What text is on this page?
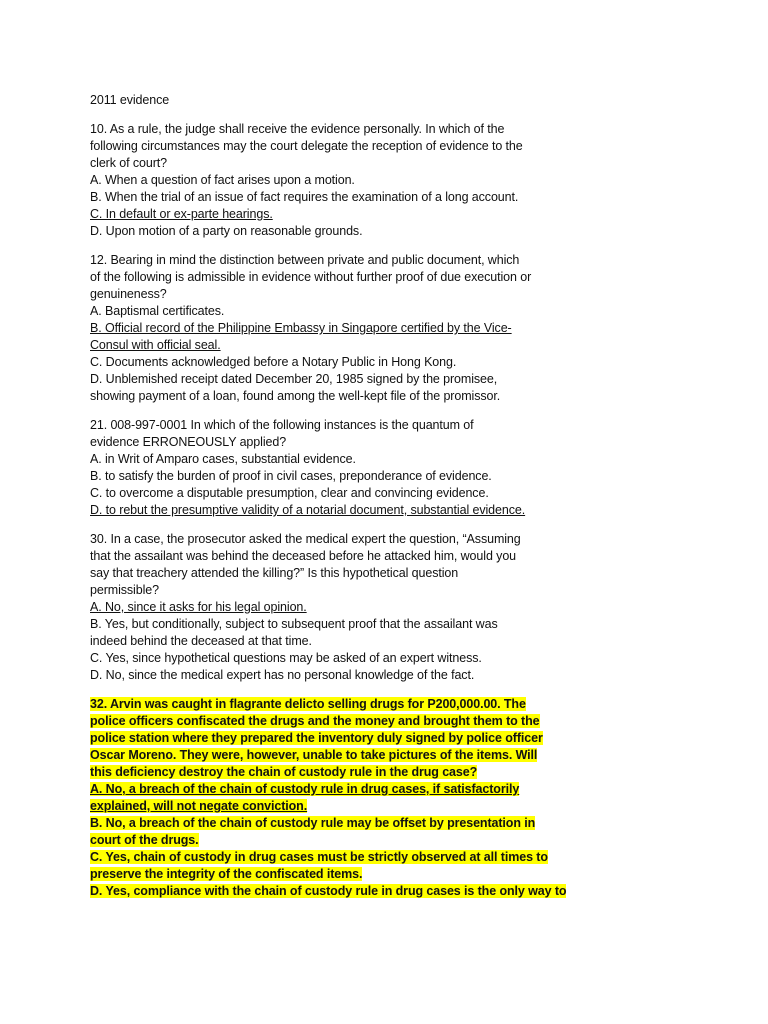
2011 evidence
10. As a rule, the judge shall receive the evidence personally. In which of the
following circumstances may the court delegate the reception of evidence to the
clerk of court?
A. When a question of fact arises upon a motion.
B. When the trial of an issue of fact requires the examination of a long account.
C. In default or ex-parte hearings.
D. Upon motion of a party on reasonable grounds.
12. Bearing in mind the distinction between private and public document, which
of the following is admissible in evidence without further proof of due execution or
genuineness?
A. Baptismal certificates.
B. Official record of the Philippine Embassy in Singapore certified by the Vice-
Consul with official seal.
C. Documents acknowledged before a Notary Public in Hong Kong.
D. Unblemished receipt dated December 20, 1985 signed by the promisee,
showing payment of a loan, found among the well-kept file of the promissor.
21. 008-997-0001 In which of the following instances is the quantum of
evidence ERRONEOUSLY applied?
A. in Writ of Amparo cases, substantial evidence.
B. to satisfy the burden of proof in civil cases, preponderance of evidence.
C. to overcome a disputable presumption, clear and convincing evidence.
D. to rebut the presumptive validity of a notarial document, substantial evidence.
30. In a case, the prosecutor asked the medical expert the question, “Assuming
that the assailant was behind the deceased before he attacked him, would you
say that treachery attended the killing?” Is this hypothetical question
permissible?
A. No, since it asks for his legal opinion.
B. Yes, but conditionally, subject to subsequent proof that the assailant was
indeed behind the deceased at that time.
C. Yes, since hypothetical questions may be asked of an expert witness.
D. No, since the medical expert has no personal knowledge of the fact.
32. Arvin was caught in flagrante delicto selling drugs for P200,000.00. The
police officers confiscated the drugs and the money and brought them to the
police station where they prepared the inventory duly signed by police officer
Oscar Moreno. They were, however, unable to take pictures of the items. Will
this deficiency destroy the chain of custody rule in the drug case?
A. No, a breach of the chain of custody rule in drug cases, if satisfactorily
explained, will not negate conviction.
B. No, a breach of the chain of custody rule may be offset by presentation in
court of the drugs.
C. Yes, chain of custody in drug cases must be strictly observed at all times to
preserve the integrity of the confiscated items.
D. Yes, compliance with the chain of custody rule in drug cases is the only way to
